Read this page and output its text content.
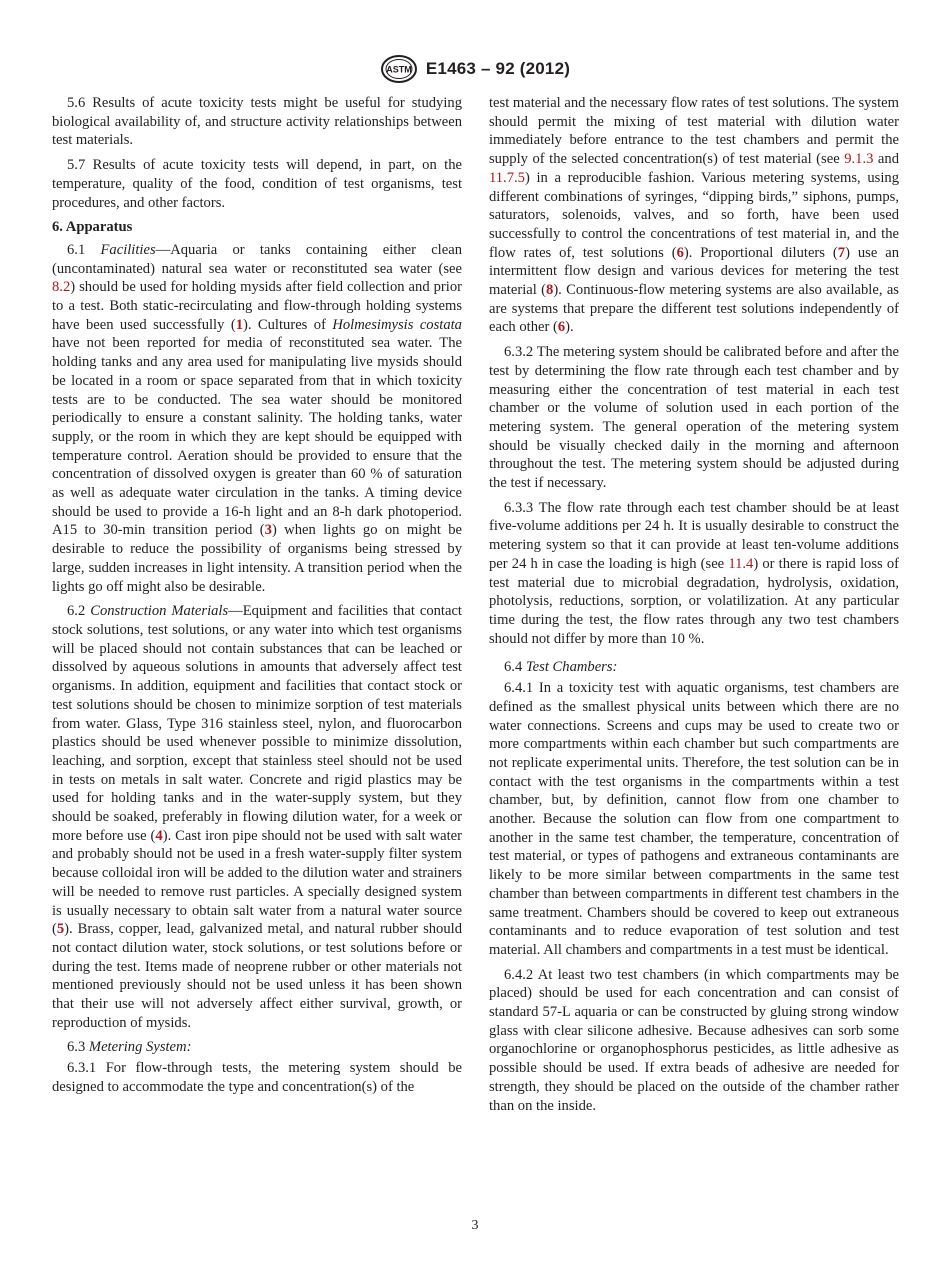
ASTM E1463 – 92 (2012)

5.6 Results of acute toxicity tests might be useful for studying biological availability of, and structure activity relationships between test materials.

5.7 Results of acute toxicity tests will depend, in part, on the temperature, quality of the food, condition of test organisms, test procedures, and other factors.

6. Apparatus

6.1 Facilities—Aquaria or tanks containing either clean (uncontaminated) natural sea water or reconstituted sea water (see 8.2) should be used for holding mysids after field collection and prior to a test. Both static-recirculating and flow-through holding systems have been used successfully (1). Cultures of Holmesimysis costata have not been reported for media of reconstituted sea water. The holding tanks and any area used for manipulating live mysids should be located in a room or space separated from that in which toxicity tests are to be conducted. The sea water should be monitored periodically to ensure a constant salinity. The holding tanks, water supply, or the room in which they are kept should be equipped with temperature control. Aeration should be provided to ensure that the concentration of dissolved oxygen is greater than 60 % of saturation as well as adequate water circulation in the tanks. A timing device should be used to provide a 16-h light and an 8-h dark photoperiod. A15 to 30-min transition period (3) when lights go on might be desirable to reduce the possibility of organisms being stressed by large, sudden increases in light intensity. A transition period when the lights go off might also be desirable.

6.2 Construction Materials—Equipment and facilities that contact stock solutions, test solutions, or any water into which test organisms will be placed should not contain substances that can be leached or dissolved by aqueous solutions in amounts that adversely affect test organisms. In addition, equipment and facilities that contact stock or test solutions should be chosen to minimize sorption of test materials from water. Glass, Type 316 stainless steel, nylon, and fluorocarbon plastics should be used whenever possible to minimize dissolution, leaching, and sorption, except that stainless steel should not be used in tests on metals in salt water. Concrete and rigid plastics may be used for holding tanks and in the water-supply system, but they should be soaked, preferably in flowing dilution water, for a week or more before use (4). Cast iron pipe should not be used with salt water and probably should not be used in a fresh water-supply filter system because colloidal iron will be added to the dilution water and strainers will be needed to remove rust particles. A specially designed system is usually necessary to obtain salt water from a natural water source (5). Brass, copper, lead, galvanized metal, and natural rubber should not contact dilution water, stock solutions, or test solutions before or during the test. Items made of neoprene rubber or other materials not mentioned previously should not be used unless it has been shown that their use will not adversely affect either survival, growth, or reproduction of mysids.

6.3 Metering System:

6.3.1 For flow-through tests, the metering system should be designed to accommodate the type and concentration(s) of the

test material and the necessary flow rates of test solutions. The system should permit the mixing of test material with dilution water immediately before entrance to the test chambers and permit the supply of the selected concentration(s) of test material (see 9.1.3 and 11.7.5) in a reproducible fashion. Various metering systems, using different combinations of syringes, “dipping birds,” siphons, pumps, saturators, solenoids, valves, and so forth, have been used successfully to control the concentrations of test material in, and the flow rates of, test solutions (6). Proportional diluters (7) use an intermittent flow design and various devices for metering the test material (8). Continuous-flow metering systems are also available, as are systems that prepare the different test solutions independently of each other (6).

6.3.2 The metering system should be calibrated before and after the test by determining the flow rate through each test chamber and by measuring either the concentration of test material in each test chamber or the volume of solution used in each portion of the metering system. The general operation of the metering system should be visually checked daily in the morning and afternoon throughout the test. The metering system should be adjusted during the test if necessary.

6.3.3 The flow rate through each test chamber should be at least five-volume additions per 24 h. It is usually desirable to construct the metering system so that it can provide at least ten-volume additions per 24 h in case the loading is high (see 11.4) or there is rapid loss of test material due to microbial degradation, hydrolysis, oxidation, photolysis, reductions, sorption, or volatilization. At any particular time during the test, the flow rates through any two test chambers should not differ by more than 10 %.

6.4 Test Chambers:

6.4.1 In a toxicity test with aquatic organisms, test chambers are defined as the smallest physical units between which there are no water connections. Screens and cups may be used to create two or more compartments within each chamber but such compartments are not replicate experimental units. Therefore, the test solution can be in contact with the test organisms in the compartments within a test chamber, but, by definition, cannot flow from one chamber to another. Because the solution can flow from one compartment to another in the same test chamber, the temperature, concentration of test material, or types of pathogens and extraneous contaminants are likely to be more similar between compartments in the same test chamber than between compartments in different test chambers in the same treatment. Chambers should be covered to keep out extraneous contaminants and to reduce evaporation of test solution and test material. All chambers and compartments in a test must be identical.

6.4.2 At least two test chambers (in which compartments may be placed) should be used for each concentration and can consist of standard 57-L aquaria or can be constructed by gluing strong window glass with clear silicone adhesive. Because adhesives can sorb some organochlorine or organophosphorus pesticides, as little adhesive as possible should be used. If extra beads of adhesive are needed for strength, they should be placed on the outside of the chamber rather than on the inside.

3
